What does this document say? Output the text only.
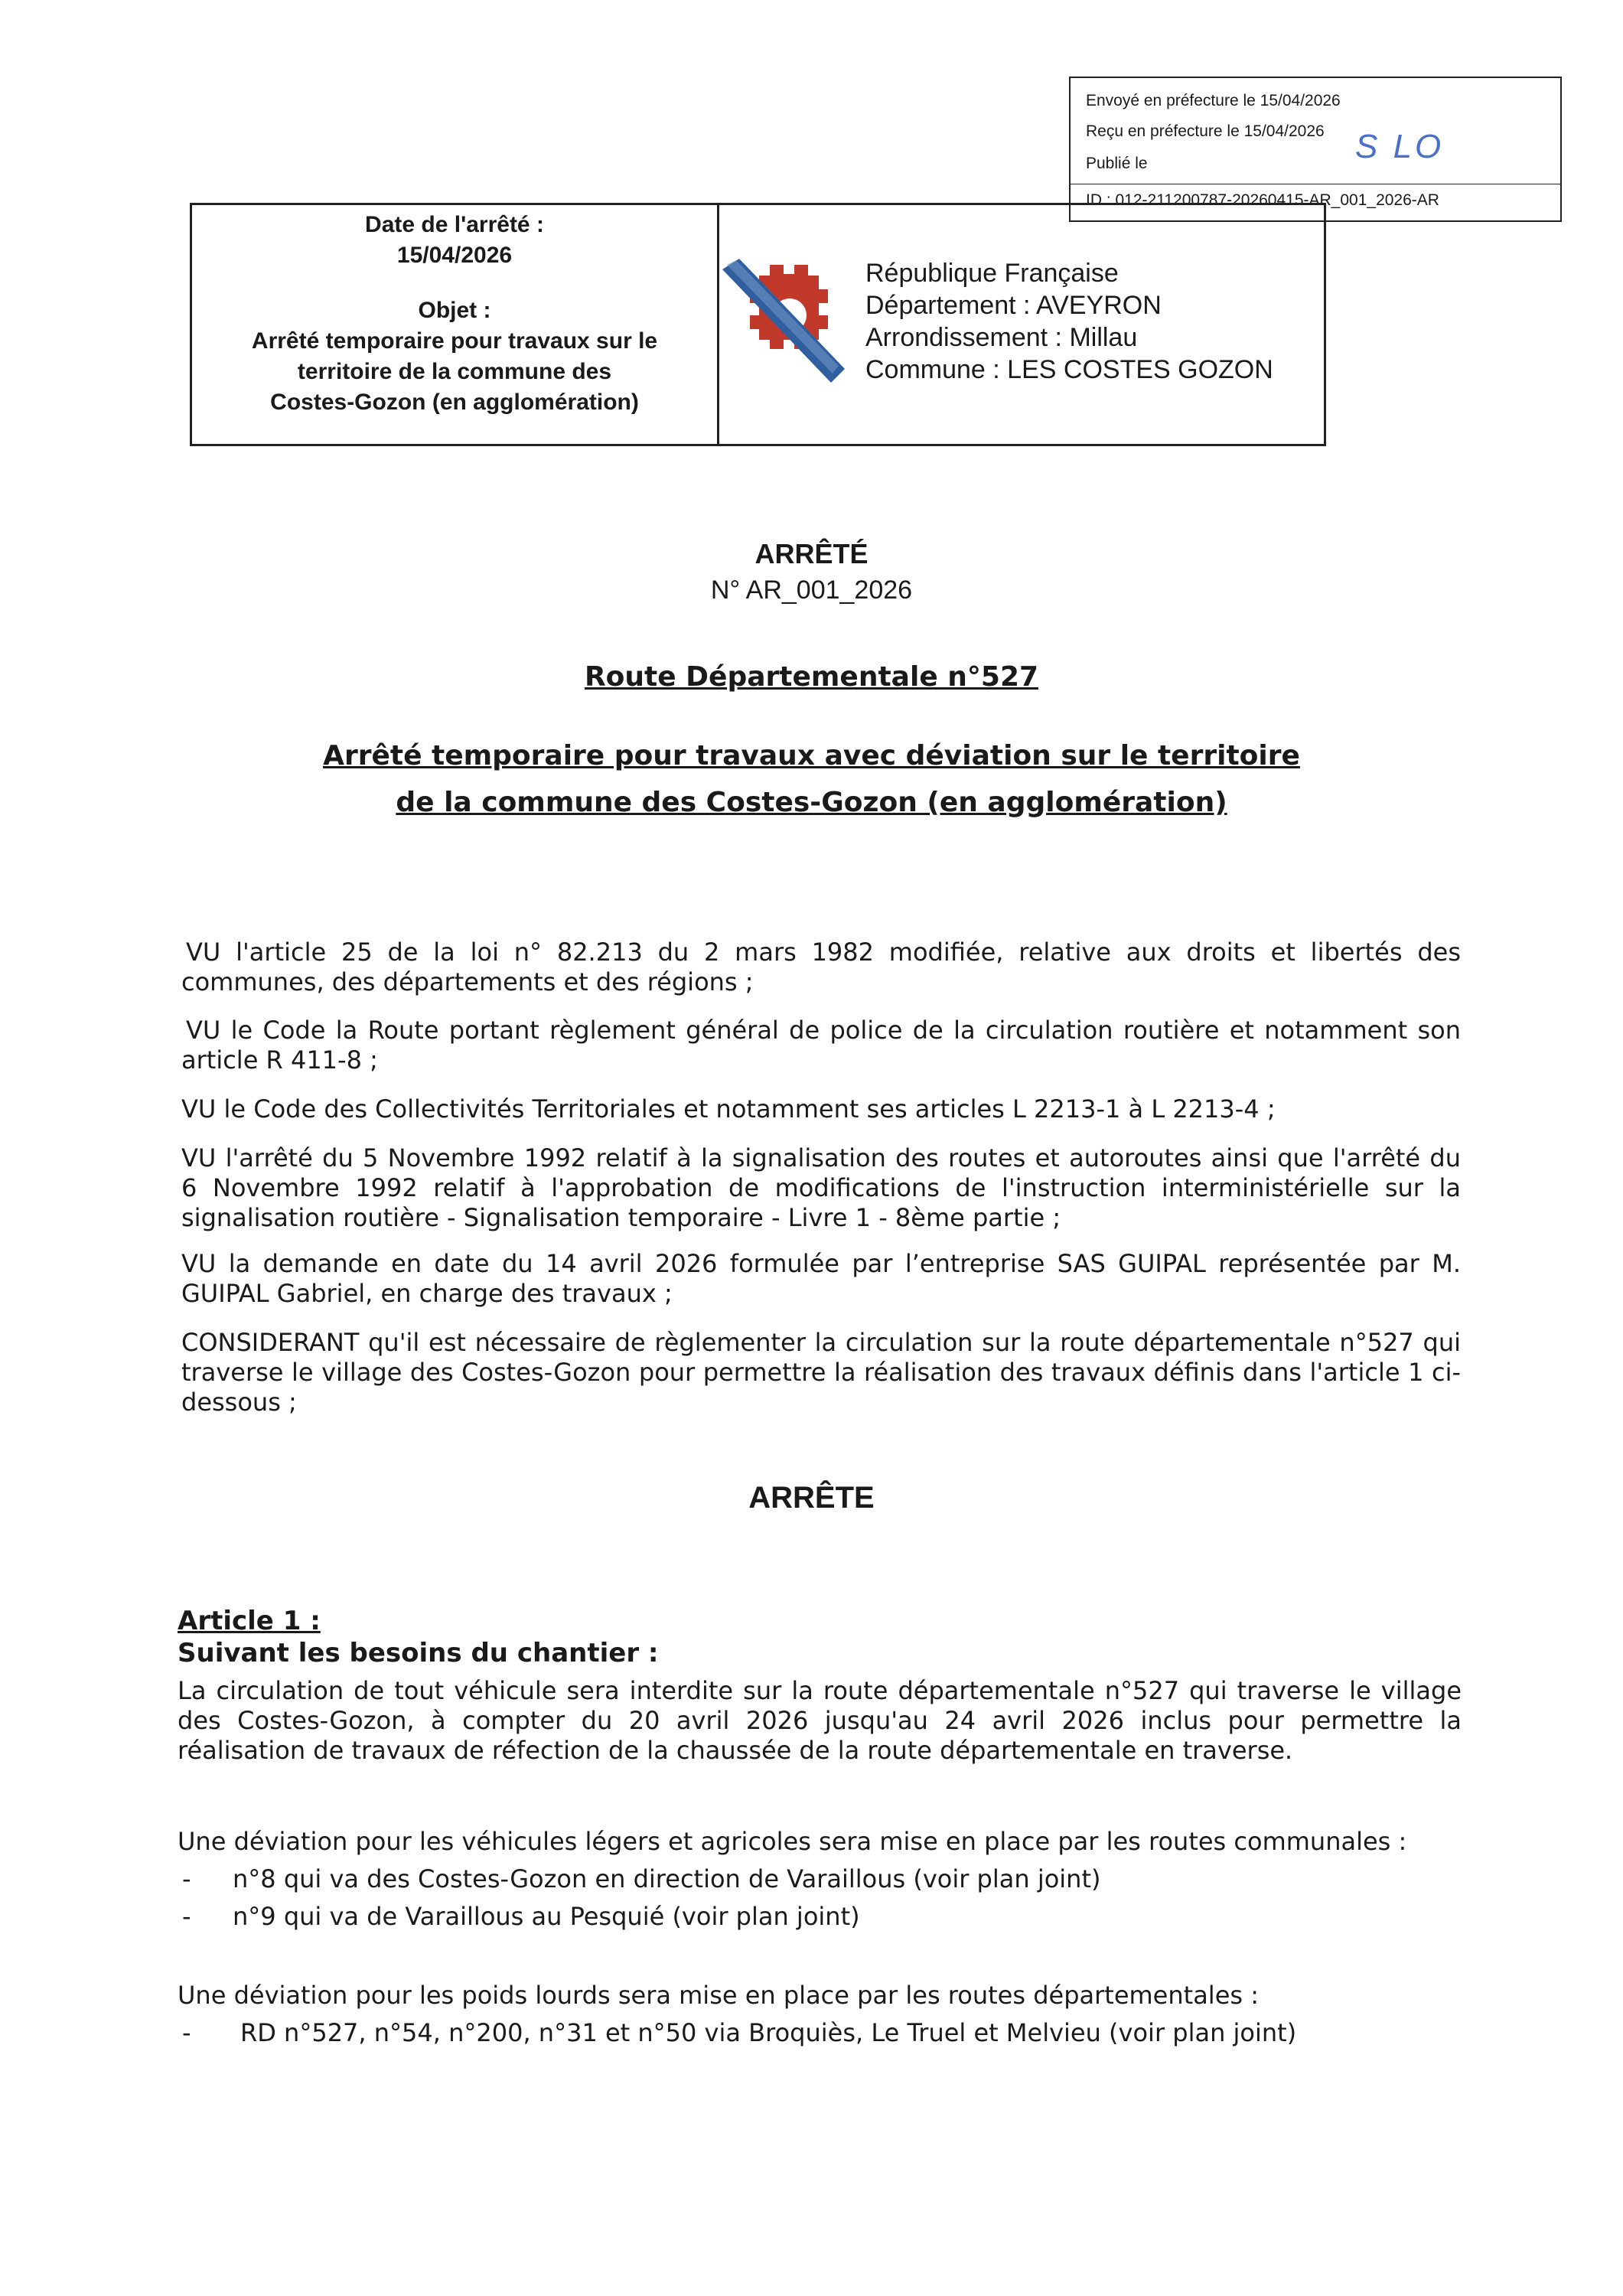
Envoyé en préfecture le 15/04/2026
Reçu en préfecture le 15/04/2026
Publié le	S LO
ID : 012-211200787-20260415-AR_001_2026-AR
Date de l'arrêté :
15/04/2026
Objet :
Arrêté temporaire pour travaux sur le
territoire de la commune des
Costes-Gozon (en agglomération)
République Française
Département : AVEYRON
Arrondissement : Millau
Commune : LES COSTES GOZON
ARRÊTÉ
N° AR_001_2026
Route Départementale n°527
Arrêté temporaire pour travaux avec déviation sur le territoire
de la commune des Costes-Gozon (en agglomération)
VU l'article 25 de la loi n° 82.213 du 2 mars 1982 modifiée, relative aux droits et libertés des
communes, des départements et des régions ;
VU le Code la Route portant règlement général de police de la circulation routière et notamment son
article R 411-8 ;
VU le Code des Collectivités Territoriales et notamment ses articles L 2213-1 à L 2213-4 ;
VU l'arrêté du 5 Novembre 1992 relatif à la signalisation des routes et autoroutes ainsi que l'arrêté du
6 Novembre 1992 relatif à l'approbation de modifications de l'instruction interministérielle sur la
signalisation routière - Signalisation temporaire - Livre 1 - 8ème partie ;
VU la demande en date du 14 avril 2026 formulée par l’entreprise SAS GUIPAL représentée par M.
GUIPAL Gabriel, en charge des travaux ;
CONSIDERANT qu'il est nécessaire de règlementer la circulation sur la route départementale n°527 qui
traverse le village des Costes-Gozon pour permettre la réalisation des travaux définis dans l'article 1 ci-
dessous ;
ARRÊTE
Article 1 :
Suivant les besoins du chantier :
La circulation de tout véhicule sera interdite sur la route départementale n°527 qui traverse le village
des Costes-Gozon, à compter du 20 avril 2026 jusqu'au 24 avril 2026 inclus pour permettre la
réalisation de travaux de réfection de la chaussée de la route départementale en traverse.
Une déviation pour les véhicules légers et agricoles sera mise en place par les routes communales :
- n°8 qui va des Costes-Gozon en direction de Varaillous (voir plan joint)
- n°9 qui va de Varaillous au Pesquié (voir plan joint)
Une déviation pour les poids lourds sera mise en place par les routes départementales :
- RD n°527, n°54, n°200, n°31 et n°50 via Broquiès, Le Truel et Melvieu (voir plan joint)
